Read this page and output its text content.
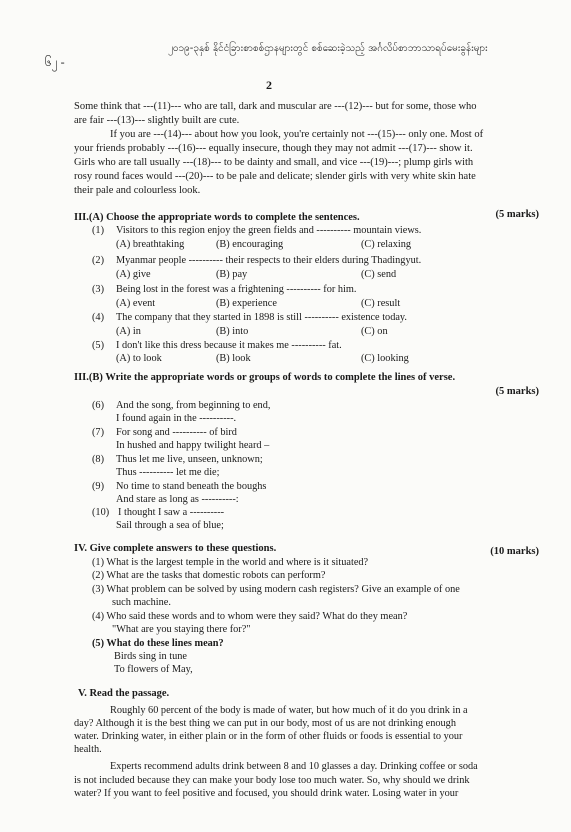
၆၂ -
၂၀၁၉-၃နှစ် နိုင်ငံခြားစာစစ်ဌာနများတွင် စစ်ဆေးခဲ့သည့် အင်္ဂလိပ်စာဘာသာရပ်မေးခွန်းများ
2
Some think that ---(11)--- who are tall, dark and muscular are ---(12)--- but for some, those who
are fair ---(13)--- slightly built are cute.
If you are ---(14)--- about how you look, you're certainly not ---(15)--- only one. Most of
your friends probably ---(16)--- equally insecure, though they may not admit ---(17)--- show it.
Girls who are tall usually ---(18)--- to be dainty and small, and vice ---(19)---; plump girls with
rosy round faces would ---(20)--- to be pale and delicate; slender girls with very white skin hate
their pale and colourless look.
III.(A) Choose the appropriate words to complete the sentences.	(5 marks)
(1) Visitors to this region enjoy the green fields and ---------- mountain views.
(A) breathtaking	(B) encouraging	(C) relaxing
(2) Myanmar people ---------- their respects to their elders during Thadingyut.
(A) give	(B) pay	(C) send
(3) Being lost in the forest was a frightening ---------- for him.
(A) event	(B) experience	(C) result
(4) The company that they started in 1898 is still ---------- existence today.
(A) in	(B) into	(C) on
(5) I don't like this dress because it makes me ---------- fat.
(A) to look	(B) look	(C) looking
III.(B) Write the appropriate words or groups of words to complete the lines of verse.
(5 marks)
(6) And the song, from beginning to end,
I found again in the ----------.
(7) For song and ---------- of bird
In hushed and happy twilight heard –
(8) Thus let me live, unseen, unknown;
Thus ---------- let me die;
(9) No time to stand beneath the boughs
And stare as long as ----------:
(10) I thought I saw a ----------
Sail through a sea of blue;
IV. Give complete answers to these questions.	(10 marks)
(1) What is the largest temple in the world and where is it situated?
(2) What are the tasks that domestic robots can perform?
(3) What problem can be solved by using modern cash registers? Give an example of one
such machine.
(4) Who said these words and to whom were they said? What do they mean?
"What are you staying there for?"
(5) What do these lines mean?
Birds sing in tune
To flowers of May,
V. Read the passage.
Roughly 60 percent of the body is made of water, but how much of it do you drink in a
day? Although it is the best thing we can put in our body, most of us are not drinking enough
water. Drinking water, in either plain or in the form of other fluids or foods is essential to your
health.
Experts recommend adults drink between 8 and 10 glasses a day. Drinking coffee or soda
is not included because they can make your body lose too much water. So, why should we drink
water? If you want to feel positive and focused, you should drink water. Losing water in your
